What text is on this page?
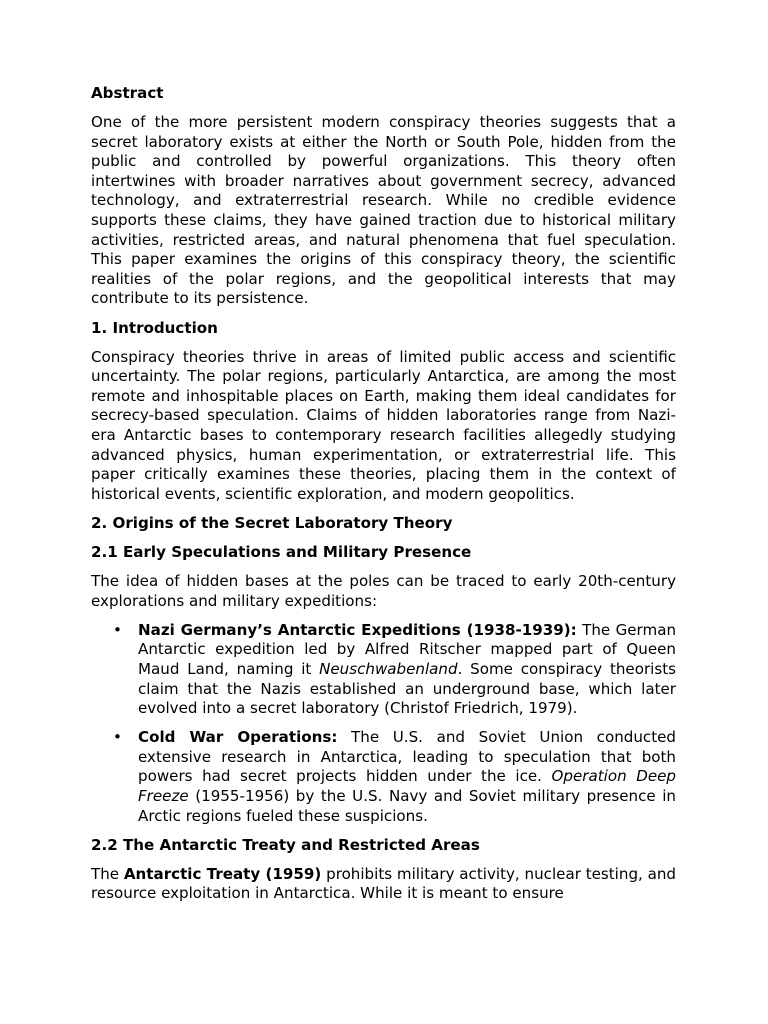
Abstract

One of the more persistent modern conspiracy theories suggests that a secret laboratory exists at either the North or South Pole, hidden from the public and controlled by powerful organizations. This theory often intertwines with broader narratives about government secrecy, advanced technology, and extraterrestrial research. While no credible evidence supports these claims, they have gained traction due to historical military activities, restricted areas, and natural phenomena that fuel speculation. This paper examines the origins of this conspiracy theory, the scientific realities of the polar regions, and the geopolitical interests that may contribute to its persistence.

1. Introduction

Conspiracy theories thrive in areas of limited public access and scientific uncertainty. The polar regions, particularly Antarctica, are among the most remote and inhospitable places on Earth, making them ideal candidates for secrecy-based speculation. Claims of hidden laboratories range from Nazi-era Antarctic bases to contemporary research facilities allegedly studying advanced physics, human experimentation, or extraterrestrial life. This paper critically examines these theories, placing them in the context of historical events, scientific exploration, and modern geopolitics.

2. Origins of the Secret Laboratory Theory
2.1 Early Speculations and Military Presence

The idea of hidden bases at the poles can be traced to early 20th-century explorations and military expeditions:

• Nazi Germany’s Antarctic Expeditions (1938-1939): The German Antarctic expedition led by Alfred Ritscher mapped part of Queen Maud Land, naming it Neuschwabenland. Some conspiracy theorists claim that the Nazis established an underground base, which later evolved into a secret laboratory (Christof Friedrich, 1979).
• Cold War Operations: The U.S. and Soviet Union conducted extensive research in Antarctica, leading to speculation that both powers had secret projects hidden under the ice. Operation Deep Freeze (1955-1956) by the U.S. Navy and Soviet military presence in Arctic regions fueled these suspicions.
2.2 The Antarctic Treaty and Restricted Areas

The Antarctic Treaty (1959) prohibits military activity, nuclear testing, and resource exploitation in Antarctica. While it is meant to ensure
